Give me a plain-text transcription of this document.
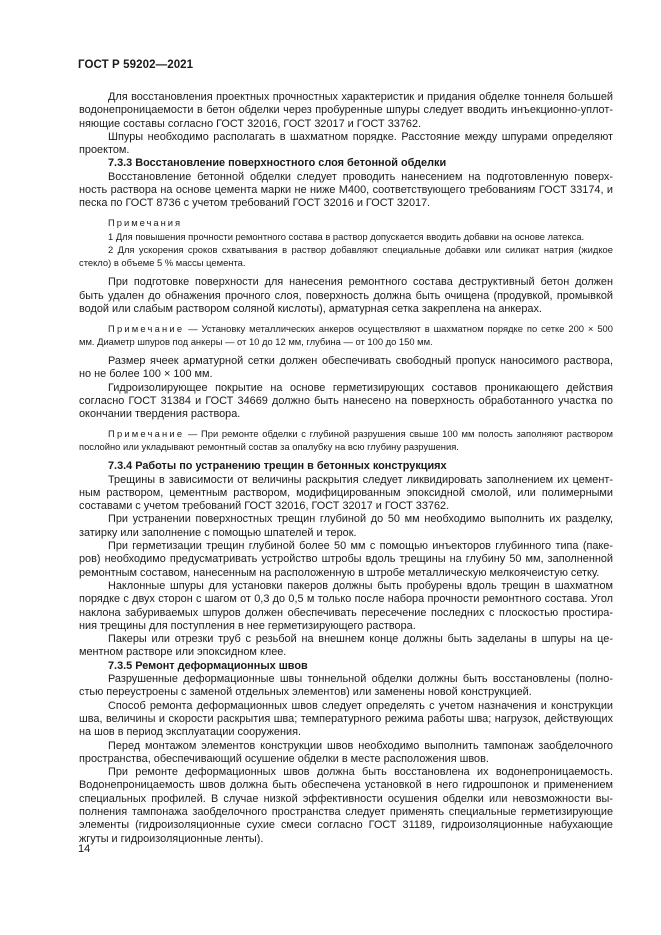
ГОСТ Р 59202—2021

Для восстановления проектных прочностных характеристик и придания обделке тоннеля большей водонепроницаемости в бетон обделки через пробуренные шпуры следует вводить инъекционно-уплотняющие составы согласно ГОСТ 32016, ГОСТ 32017 и ГОСТ 33762.

Шпуры необходимо располагать в шахматном порядке. Расстояние между шпурами определяют проектом.

7.3.3 Восстановление поверхностного слоя бетонной обделки

Восстановление бетонной обделки следует проводить нанесением на подготовленную поверхность раствора на основе цемента марки не ниже М400, соответствующего требованиям ГОСТ 33174, и песка по ГОСТ 8736 с учетом требований ГОСТ 32016 и ГОСТ 32017.

Примечания

1 Для повышения прочности ремонтного состава в раствор допускается вводить добавки на основе латекса.

2 Для ускорения сроков схватывания в раствор добавляют специальные добавки или силикат натрия (жидкое стекло) в объеме 5 % массы цемента.

При подготовке поверхности для нанесения ремонтного состава деструктивный бетон должен быть удален до обнажения прочного слоя, поверхность должна быть очищена (продувкой, промывкой водой или слабым раствором соляной кислоты), арматурная сетка закреплена на анкерах.

Примечание — Установку металлических анкеров осуществляют в шахматном порядке по сетке 200 × 500 мм. Диаметр шпуров под анкеры — от 10 до 12 мм, глубина — от 100 до 150 мм.

Размер ячеек арматурной сетки должен обеспечивать свободный пропуск наносимого раствора, но не более 100 × 100 мм.

Гидроизолирующее покрытие на основе герметизирующих составов проникающего действия согласно ГОСТ 31384 и ГОСТ 34669 должно быть нанесено на поверхность обработанного участка по окончании твердения раствора.

Примечание — При ремонте обделки с глубиной разрушения свыше 100 мм полость заполняют раствором послойно или укладывают ремонтный состав за опалубку на всю глубину разрушения.

7.3.4 Работы по устранению трещин в бетонных конструкциях

Трещины в зависимости от величины раскрытия следует ликвидировать заполнением их цементным раствором, цементным раствором, модифицированным эпоксидной смолой, или полимерными составами с учетом требований ГОСТ 32016, ГОСТ 32017 и ГОСТ 33762.

При устранении поверхностных трещин глубиной до 50 мм необходимо выполнить их разделку, затирку или заполнение с помощью шпателей и терок.

При герметизации трещин глубиной более 50 мм с помощью инъекторов глубинного типа (пакеров) необходимо предусматривать устройство штробы вдоль трещины на глубину 50 мм, заполненной ремонтным составом, нанесенным на расположенную в штробе металлическую мелкоячеистую сетку.

Наклонные шпуры для установки пакеров должны быть пробурены вдоль трещин в шахматном порядке с двух сторон с шагом от 0,3 до 0,5 м только после набора прочности ремонтного состава. Угол наклона забуриваемых шпуров должен обеспечивать пересечение последних с плоскостью простирания трещины для поступления в нее герметизирующего раствора.

Пакеры или отрезки труб с резьбой на внешнем конце должны быть заделаны в шпуры на цементном растворе или эпоксидном клее.

7.3.5 Ремонт деформационных швов

Разрушенные деформационные швы тоннельной обделки должны быть восстановлены (полностью переустроены с заменой отдельных элементов) или заменены новой конструкцией.

Способ ремонта деформационных швов следует определять с учетом назначения и конструкции шва, величины и скорости раскрытия шва; температурного режима работы шва; нагрузок, действующих на шов в период эксплуатации сооружения.

Перед монтажом элементов конструкции швов необходимо выполнить тампонаж заобделочного пространства, обеспечивающий осушение обделки в месте расположения швов.

При ремонте деформационных швов должна быть восстановлена их водонепроницаемость. Водонепроницаемость швов должна быть обеспечена установкой в него гидрошпонок и применением специальных профилей. В случае низкой эффективности осушения обделки или невозможности выполнения тампонажа заобделочного пространства следует применять специальные герметизирующие элементы (гидроизоляционные сухие смеси согласно ГОСТ 31189, гидроизоляционные набухающие жгуты и гидроизоляционные ленты).

14
